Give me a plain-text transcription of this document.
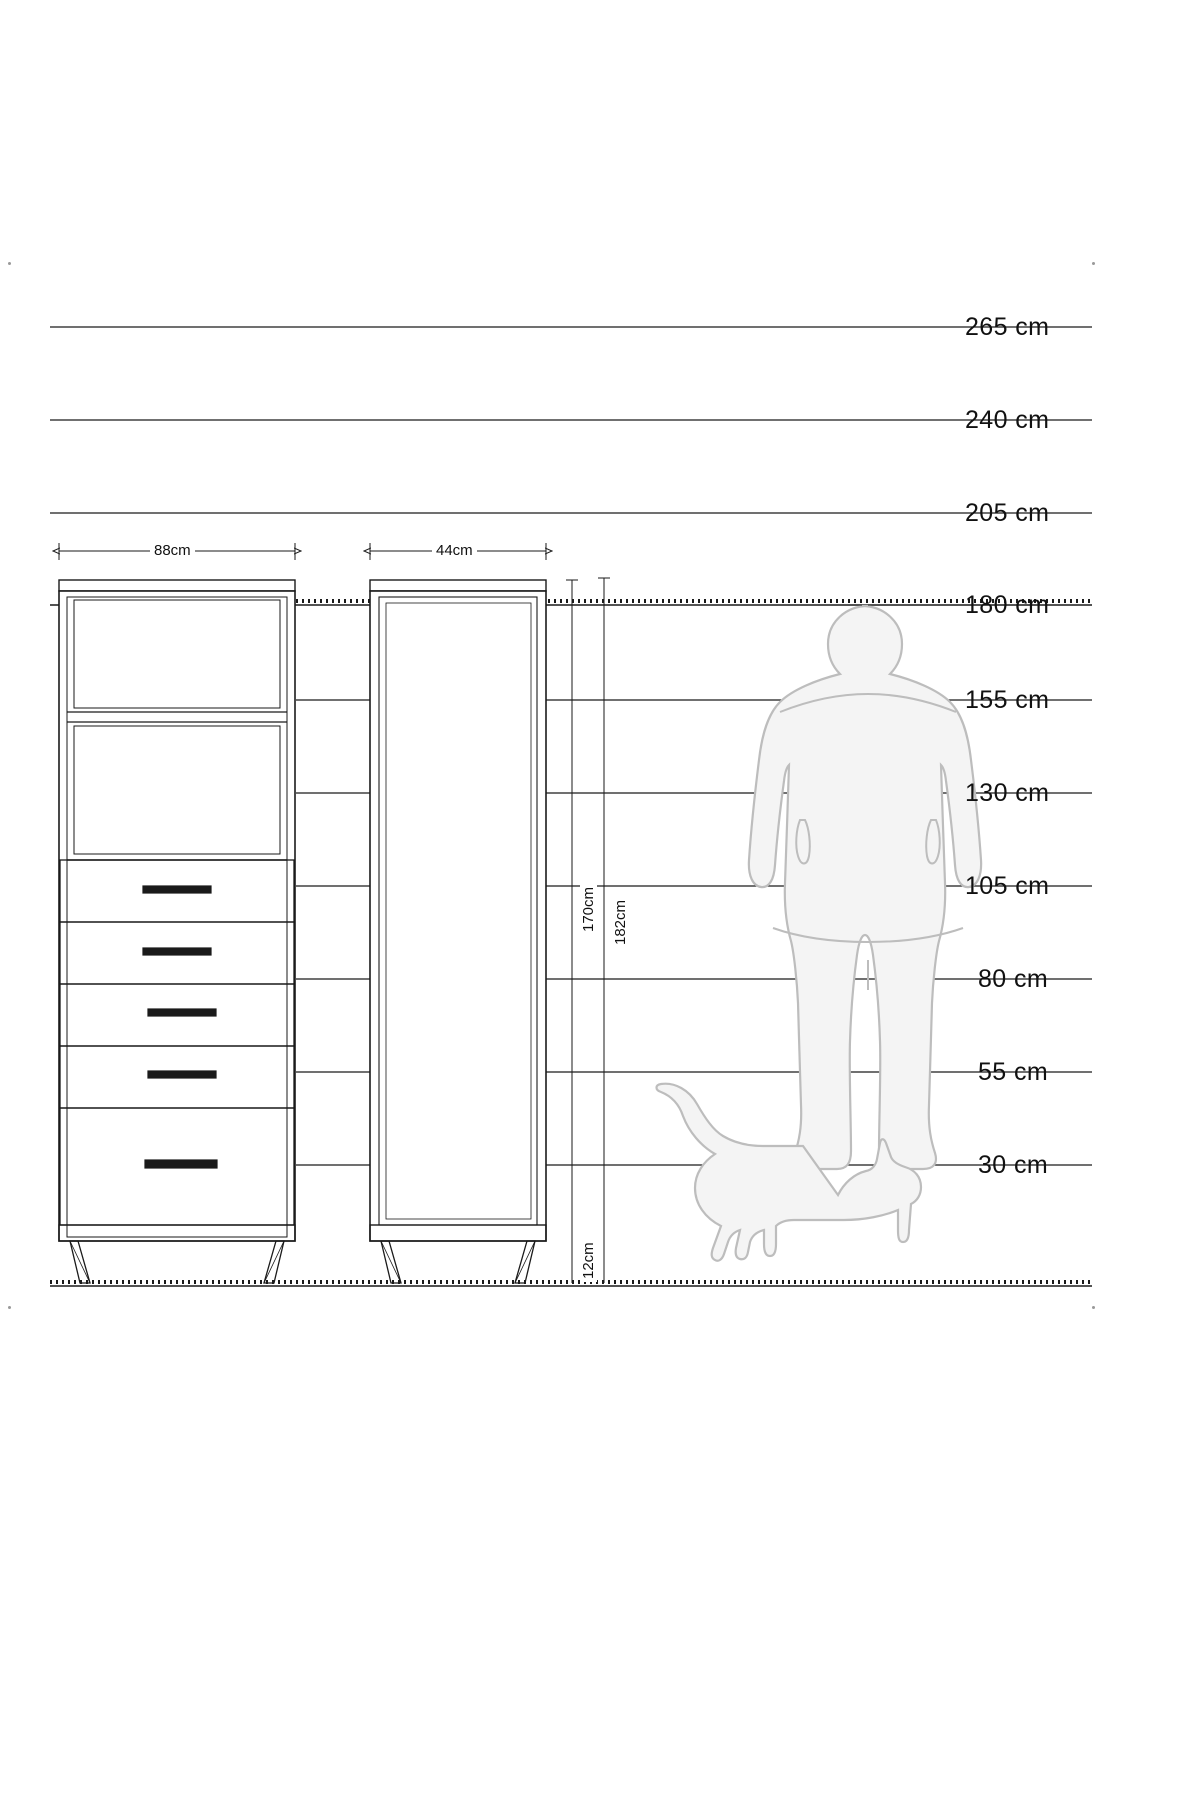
265 cm
240 cm
205 cm
180 cm
155 cm
130 cm
105 cm
80 cm
55 cm
30 cm
88cm	44cm
170cm 182cm
12cm
